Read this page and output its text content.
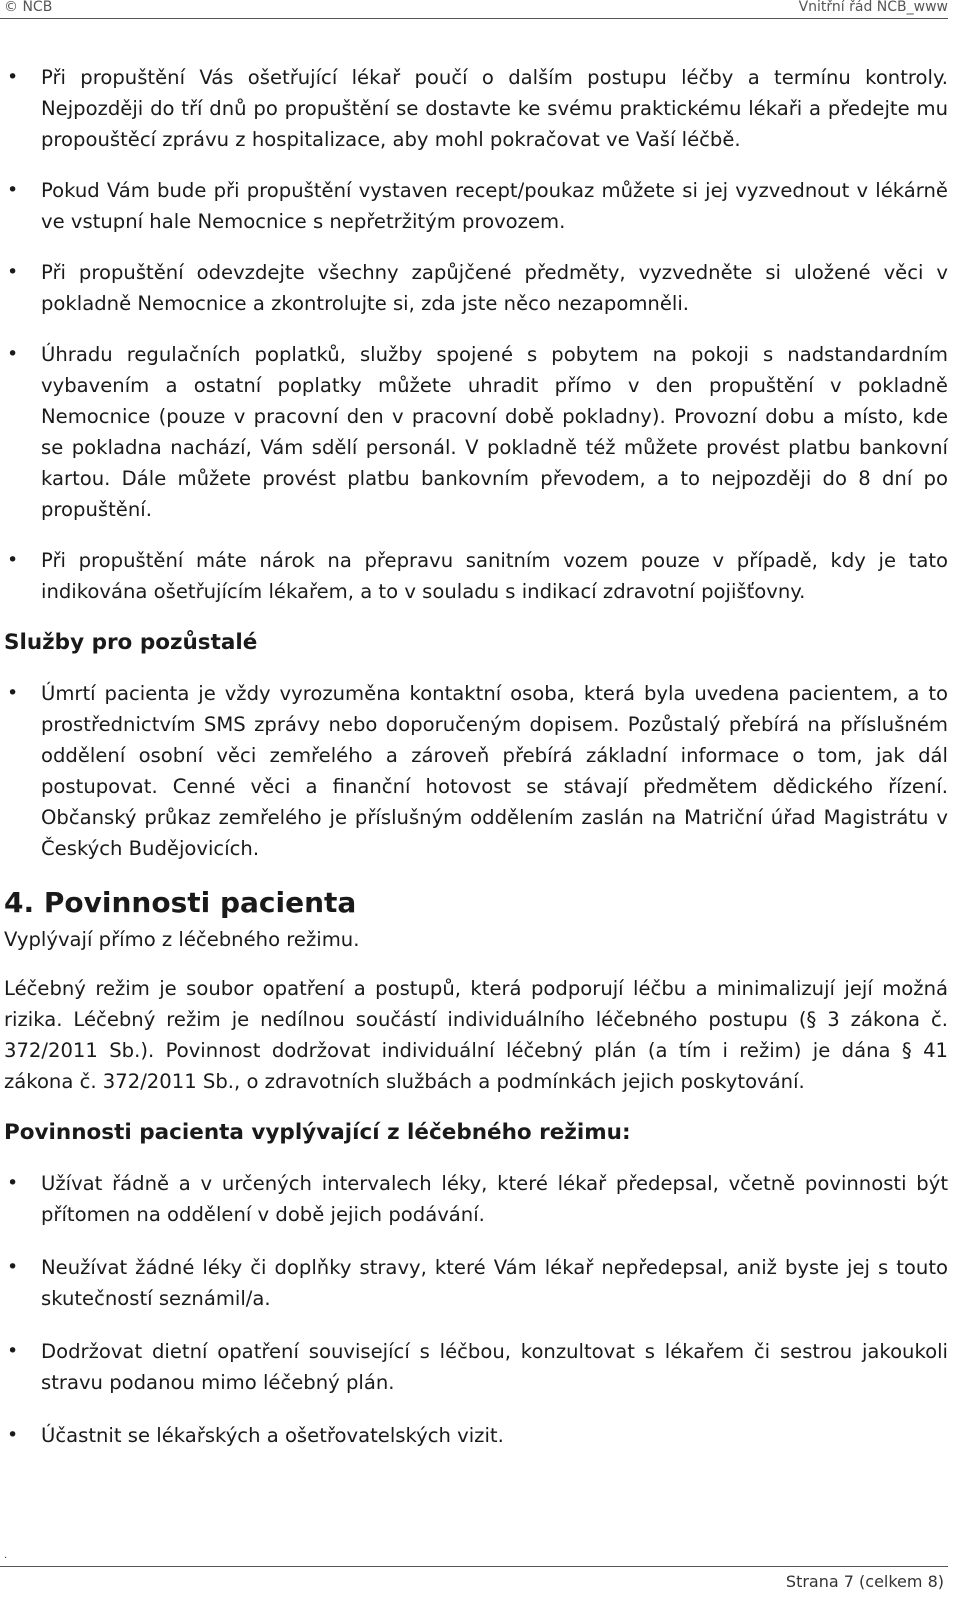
© NCB	Vnitřní řád NCB_www
• Při propuštění Vás ošetřující lékař poučí o dalším postupu léčby a termínu kontroly. Nejpozději do tří dnů po propuštění se dostavte ke svému praktickému lékaři a předejte mu propouštěcí zprávu z hospitalizace, aby mohl pokračovat ve Vaší léčbě.
• Pokud Vám bude při propuštění vystaven recept/poukaz můžete si jej vyzvednout v lékárně ve vstupní hale Nemocnice s nepřetržitým provozem.
• Při propuštění odevzdejte všechny zapůjčené předměty, vyzvedněte si uložené věci v pokladně Nemocnice a zkontrolujte si, zda jste něco nezapomněli.
• Úhradu regulačních poplatků, služby spojené s pobytem na pokoji s nadstandardním vybavením a ostatní poplatky můžete uhradit přímo v den propuštění v pokladně Nemocnice (pouze v pracovní den v pracovní době pokladny). Provozní dobu a místo, kde se pokladna nachází, Vám sdělí personál. V pokladně též můžete provést platbu bankovní kartou. Dále můžete provést platbu bankovním převodem, a to nejpozději do 8 dní po propuštění.
• Při propuštění máte nárok na přepravu sanitním vozem pouze v případě, kdy je tato indikována ošetřujícím lékařem, a to v souladu s indikací zdravotní pojišťovny.
Služby pro pozůstalé
• Úmrtí pacienta je vždy vyrozuměna kontaktní osoba, která byla uvedena pacientem, a to prostřednictvím SMS zprávy nebo doporučeným dopisem. Pozůstalý přebírá na příslušném oddělení osobní věci zemřelého a zároveň přebírá základní informace o tom, jak dál postupovat. Cenné věci a finanční hotovost se stávají předmětem dědického řízení. Občanský průkaz zemřelého je příslušným oddělením zaslán na Matriční úřad Magistrátu v Českých Budějovicích.
4. Povinnosti pacienta

Vyplývají přímo z léčebného režimu.

Léčebný režim je soubor opatření a postupů, která podporují léčbu a minimalizují její možná rizika. Léčebný režim je nedílnou součástí individuálního léčebného postupu (§ 3 zákona č. 372/2011 Sb.). Povinnost dodržovat individuální léčebný plán (a tím i režim) je dána § 41 zákona č. 372/2011 Sb., o zdravotních službách a podmínkách jejich poskytování.

Povinnosti pacienta vyplývající z léčebného režimu:
• Užívat řádně a v určených intervalech léky, které lékař předepsal, včetně povinnosti být přítomen na oddělení v době jejich podávání.
• Neužívat žádné léky či doplňky stravy, které Vám lékař nepředepsal, aniž byste jej s touto skutečností seznámil/a.
• Dodržovat dietní opatření související s léčbou, konzultovat s lékařem či sestrou jakoukoli stravu podanou mimo léčebný plán.
• Účastnit se lékařských a ošetřovatelských vizit.
.
Strana 7 (celkem 8)
